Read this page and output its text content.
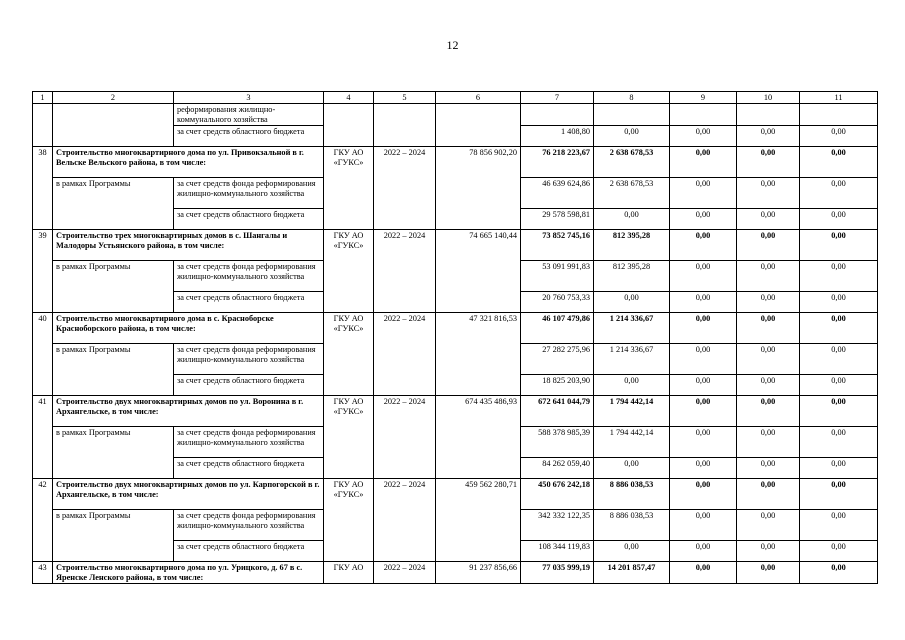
12
1	2	3	4	5	6	7	8	9	10	11
		реформирования жилищно-коммунального хозяйства								
		за счет средств областного бюджета				1 408,80	0,00	0,00	0,00	0,00
38	Строительство многоквартирного дома по ул. Привокзальной в г. Вельске Вельского района, в том числе:		ГКУ АО «ГУКС»	2022 – 2024	78 856 902,20	76 218 223,67	2 638 678,53	0,00	0,00	0,00
	в рамках Программы	за счет средств фонда реформирования жилищно-коммунального хозяйства				46 639 624,86	2 638 678,53	0,00	0,00	0,00
		за счет средств областного бюджета				29 578 598,81	0,00	0,00	0,00	0,00
39	Строительство трех многоквартирных домов в с. Шангалы и Малодоры Устьянского района, в том числе:		ГКУ АО «ГУКС»	2022 – 2024	74 665 140,44	73 852 745,16	812 395,28	0,00	0,00	0,00
	в рамках Программы	за счет средств фонда реформирования жилищно-коммунального хозяйства				53 091 991,83	812 395,28	0,00	0,00	0,00
		за счет средств областного бюджета				20 760 753,33	0,00	0,00	0,00	0,00
40	Строительство многоквартирного дома в с. Красноборске Красноборского района, в том числе:		ГКУ АО «ГУКС»	2022 – 2024	47 321 816,53	46 107 479,86	1 214 336,67	0,00	0,00	0,00
	в рамках Программы	за счет средств фонда реформирования жилищно-коммунального хозяйства				27 282 275,96	1 214 336,67	0,00	0,00	0,00
		за счет средств областного бюджета				18 825 203,90	0,00	0,00	0,00	0,00
41	Строительство двух многоквартирных домов по ул. Воронина в г. Архангельске, в том числе:		ГКУ АО «ГУКС»	2022 – 2024	674 435 486,93	672 641 044,79	1 794 442,14	0,00	0,00	0,00
	в рамках Программы	за счет средств фонда реформирования жилищно-коммунального хозяйства				588 378 985,39	1 794 442,14	0,00	0,00	0,00
		за счет средств областного бюджета				84 262 059,40	0,00	0,00	0,00	0,00
42	Строительство двух многоквартирных домов по ул. Карпогорской в г. Архангельске, в том числе:		ГКУ АО «ГУКС»	2022 – 2024	459 562 280,71	450 676 242,18	8 886 038,53	0,00	0,00	0,00
	в рамках Программы	за счет средств фонда реформирования жилищно-коммунального хозяйства				342 332 122,35	8 886 038,53	0,00	0,00	0,00
		за счет средств областного бюджета				108 344 119,83	0,00	0,00	0,00	0,00
43	Строительство многоквартирного дома по ул. Урицкого, д. 67 в с. Яренске Ленского района, в том числе:		ГКУ АО	2022 – 2024	91 237 856,66	77 035 999,19	14 201 857,47	0,00	0,00	0,00
